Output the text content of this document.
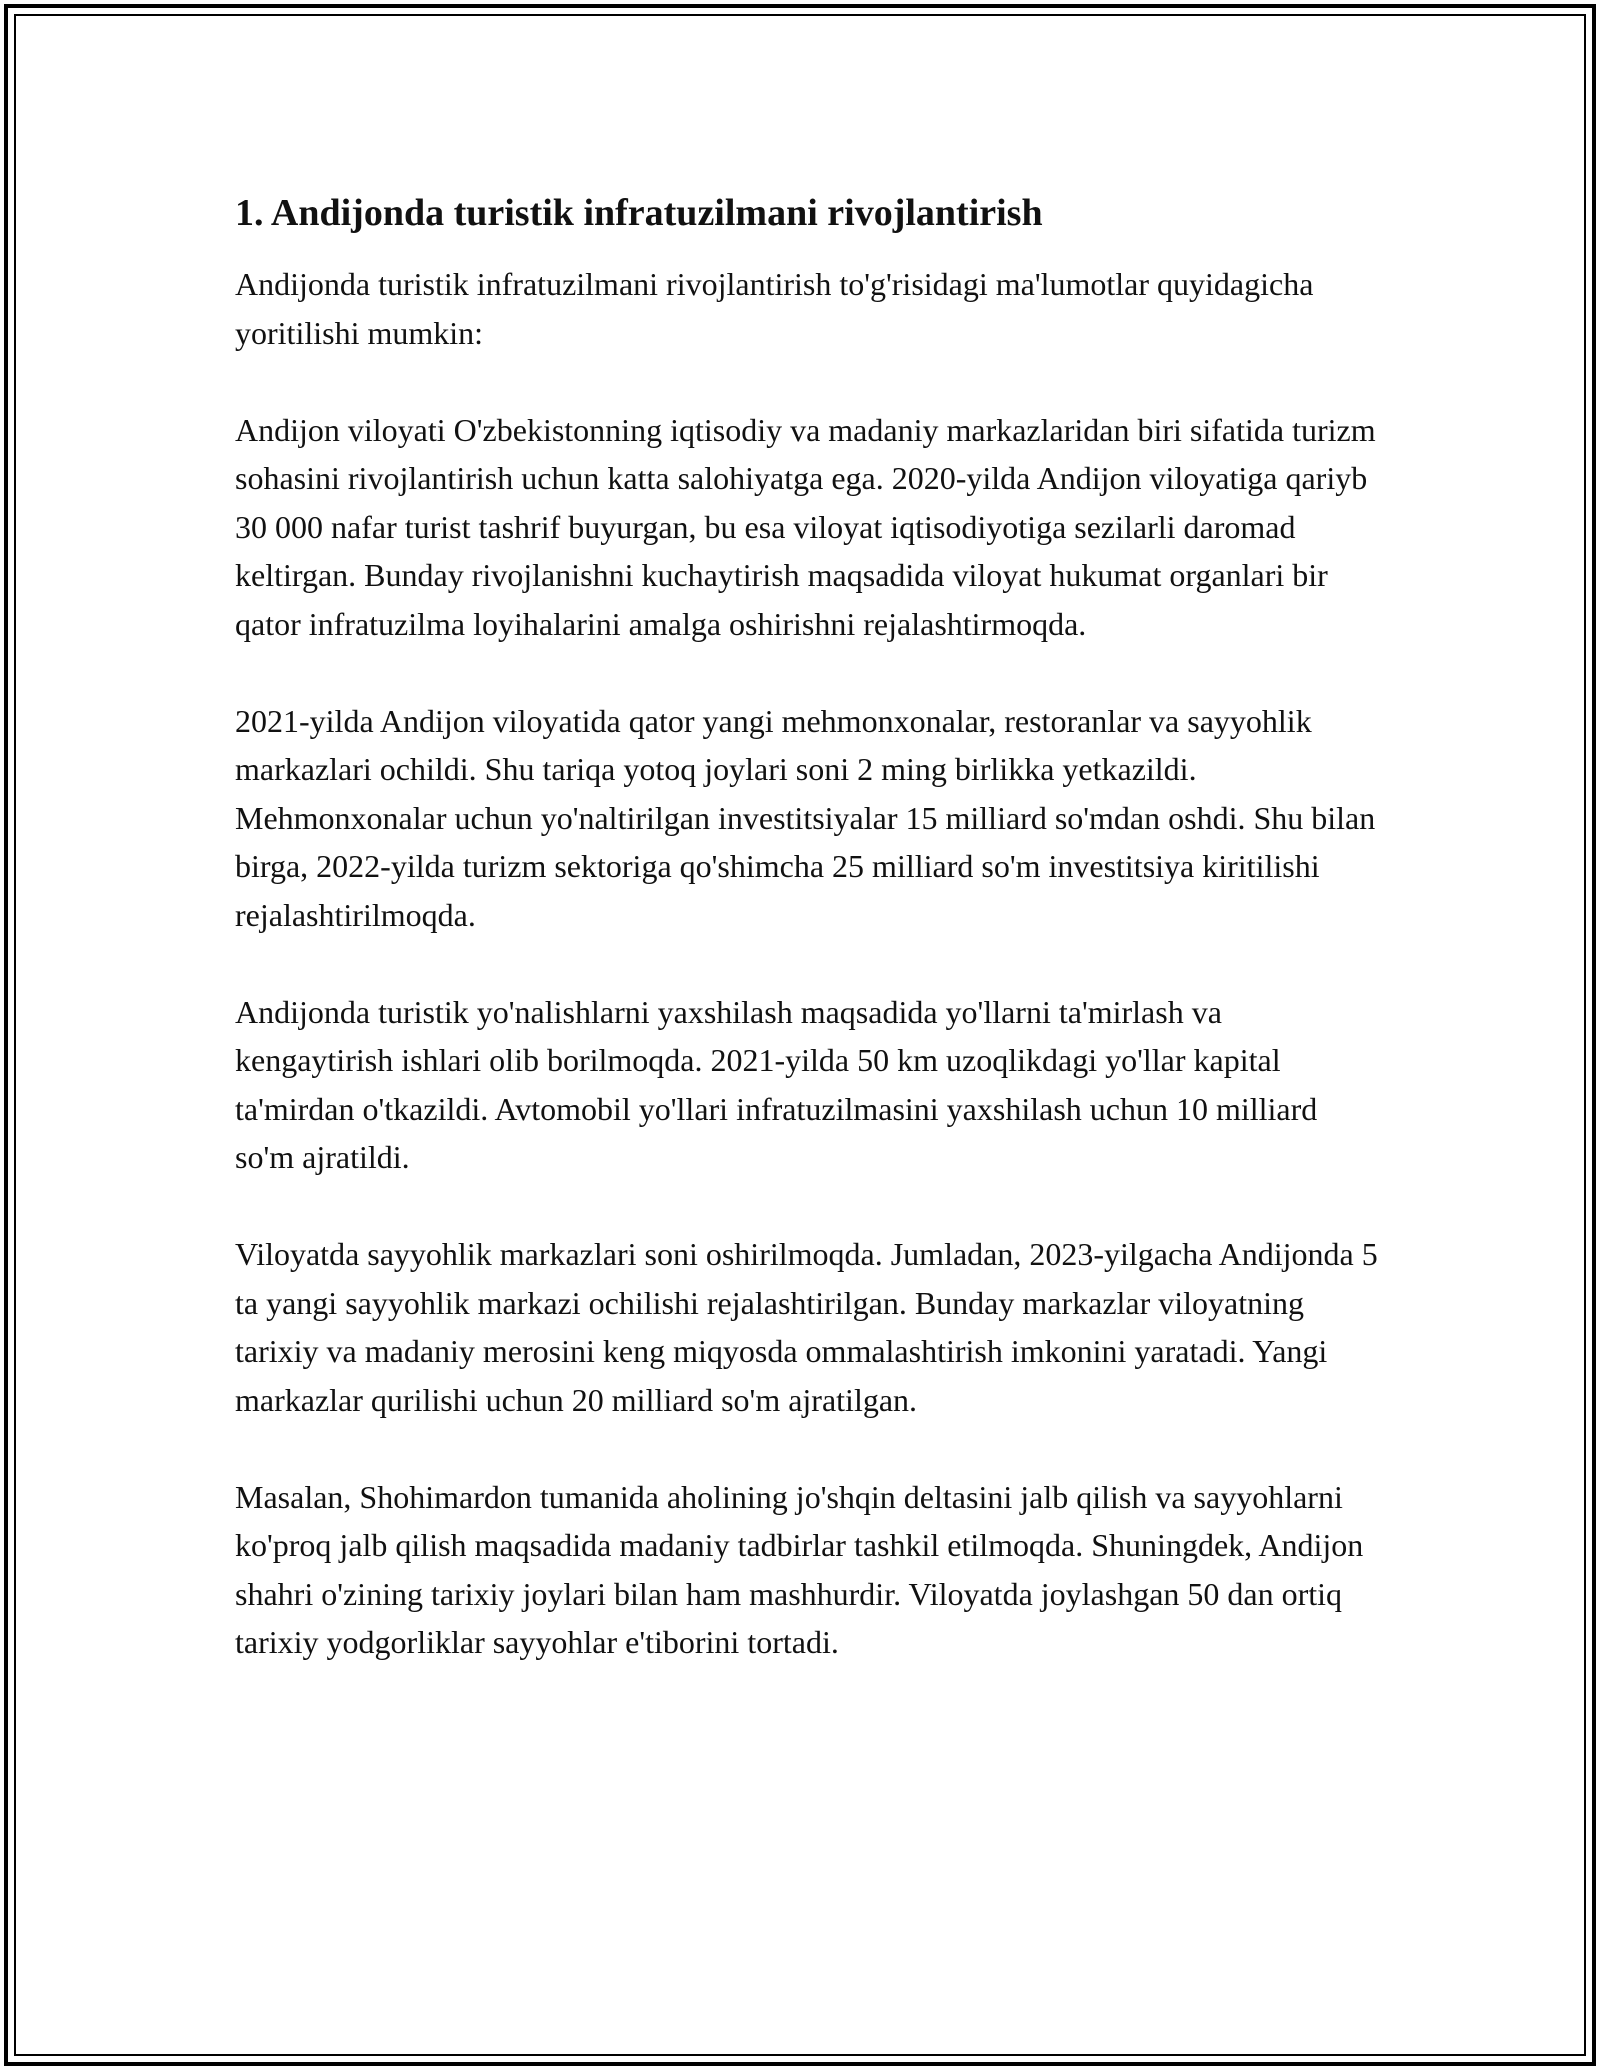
1. Andijonda turistik infratuzilmani rivojlantirish

Andijonda turistik infratuzilmani rivojlantirish to'g'risidagi ma'lumotlar quyidagicha yoritilishi mumkin:

Andijon viloyati O'zbekistonning iqtisodiy va madaniy markazlaridan biri sifatida turizm sohasini rivojlantirish uchun katta salohiyatga ega. 2020-yilda Andijon viloyatiga qariyb 30 000 nafar turist tashrif buyurgan, bu esa viloyat iqtisodiyotiga sezilarli daromad keltirgan. Bunday rivojlanishni kuchaytirish maqsadida viloyat hukumat organlari bir qator infratuzilma loyihalarini amalga oshirishni rejalashtirmoqda.

2021-yilda Andijon viloyatida qator yangi mehmonxonalar, restoranlar va sayyohlik markazlari ochildi. Shu tariqa yotoq joylari soni 2 ming birlikka yetkazildi. Mehmonxonalar uchun yo'naltirilgan investitsiyalar 15 milliard so'mdan oshdi. Shu bilan birga, 2022-yilda turizm sektoriga qo'shimcha 25 milliard so'm investitsiya kiritilishi rejalashtirilmoqda.

Andijonda turistik yo'nalishlarni yaxshilash maqsadida yo'llarni ta'mirlash va kengaytirish ishlari olib borilmoqda. 2021-yilda 50 km uzoqlikdagi yo'llar kapital ta'mirdan o'tkazildi. Avtomobil yo'llari infratuzilmasini yaxshilash uchun 10 milliard so'm ajratildi.

Viloyatda sayyohlik markazlari soni oshirilmoqda. Jumladan, 2023-yilgacha Andijonda 5 ta yangi sayyohlik markazi ochilishi rejalashtirilgan. Bunday markazlar viloyatning tarixiy va madaniy merosini keng miqyosda ommalashtirish imkonini yaratadi. Yangi markazlar qurilishi uchun 20 milliard so'm ajratilgan.

Masalan, Shohimardon tumanida aholining jo'shqin deltasini jalb qilish va sayyohlarni ko'proq jalb qilish maqsadida madaniy tadbirlar tashkil etilmoqda. Shuningdek, Andijon shahri o'zining tarixiy joylari bilan ham mashhurdir. Viloyatda joylashgan 50 dan ortiq tarixiy yodgorliklar sayyohlar e'tiborini tortadi.
